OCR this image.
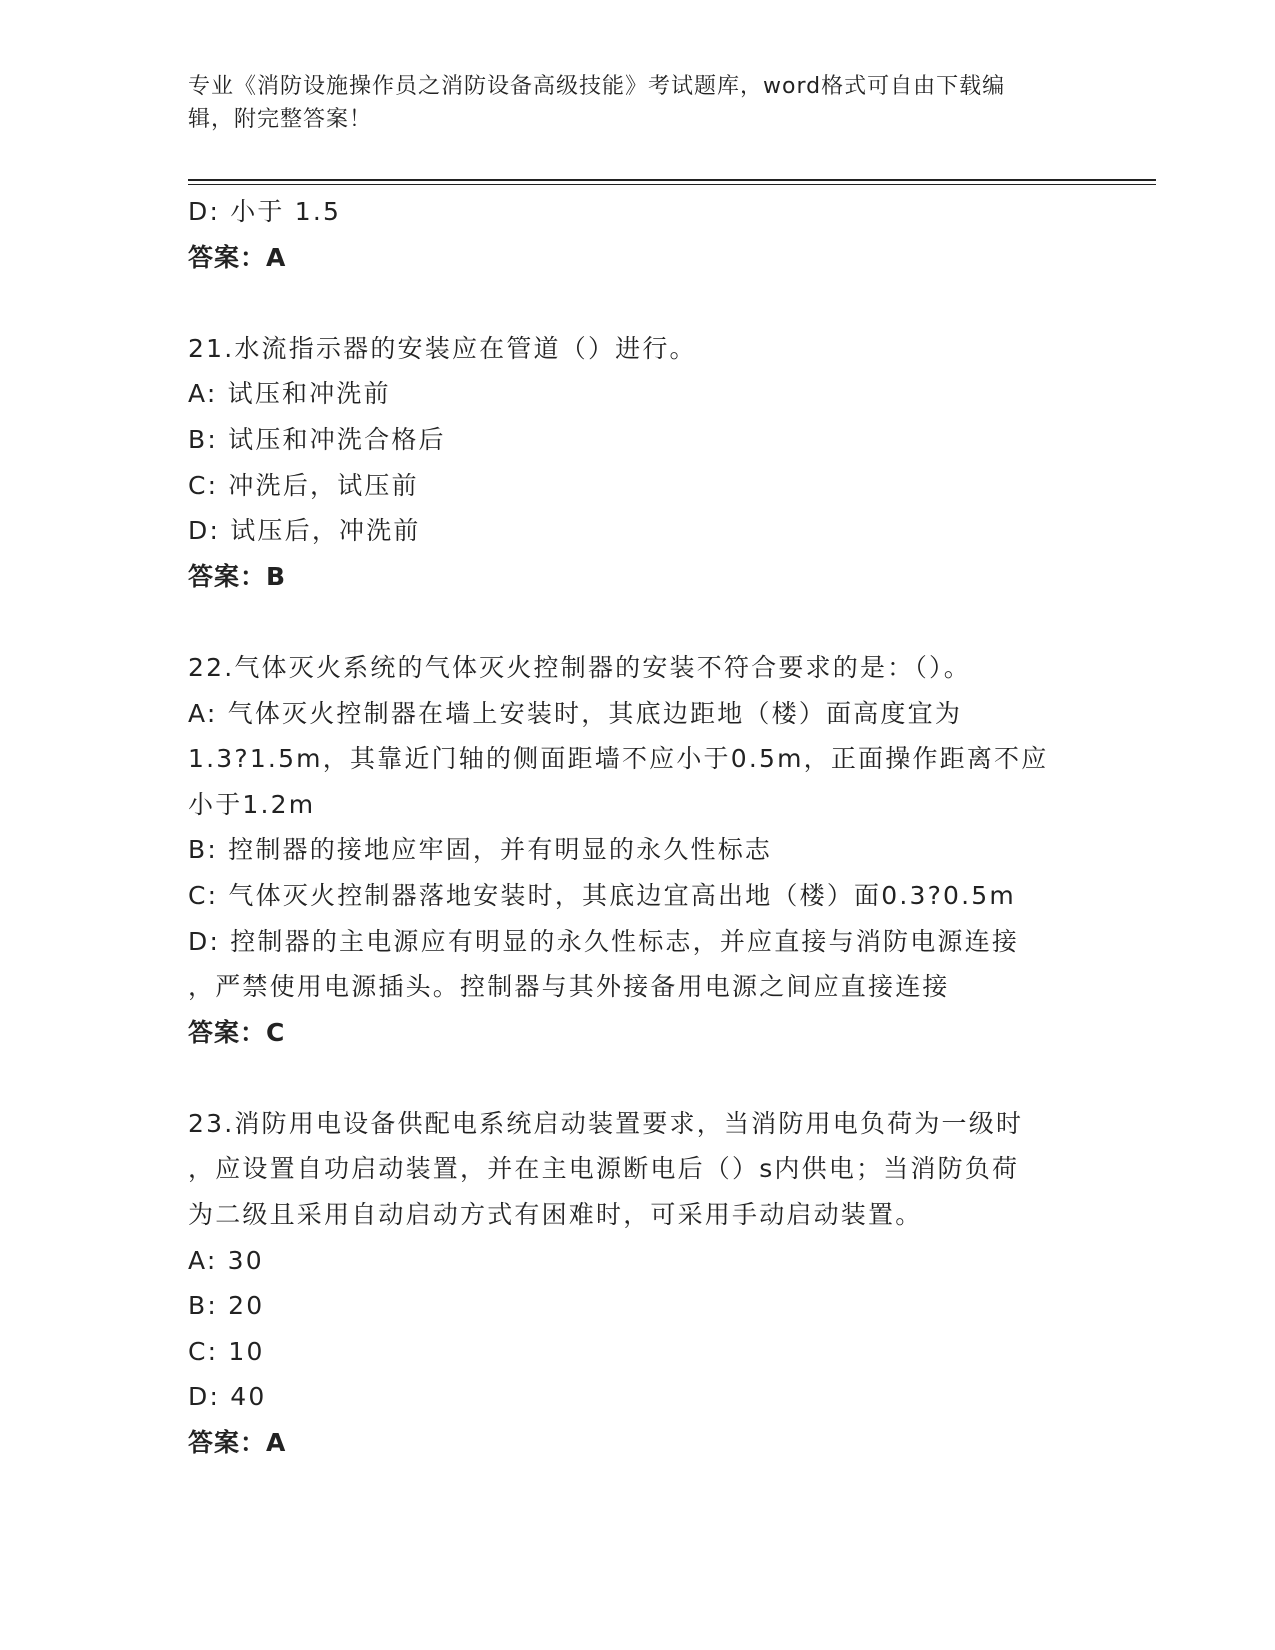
专业《消防设施操作员之消防设备高级技能》考试题库，word格式可自由下载编
辑，附完整答案！
D: 小于 1.5
答案：A
21.水流指示器的安装应在管道（）进行。
A: 试压和冲洗前
B: 试压和冲洗合格后
C: 冲洗后，试压前
D: 试压后，冲洗前
答案：B
22.气体灭火系统的气体灭火控制器的安装不符合要求的是：（）。
A: 气体灭火控制器在墙上安装时，其底边距地（楼）面高度宜为
1.3?1.5m，其靠近门轴的侧面距墙不应小于0.5m，正面操作距离不应
小于1.2m
B: 控制器的接地应牢固，并有明显的永久性标志
C: 气体灭火控制器落地安装时，其底边宜高出地（楼）面0.3?0.5m
D: 控制器的主电源应有明显的永久性标志，并应直接与消防电源连接
，严禁使用电源插头。控制器与其外接备用电源之间应直接连接
答案：C
23.消防用电设备供配电系统启动装置要求，当消防用电负荷为一级时
，应设置自功启动装置，并在主电源断电后（）s内供电；当消防负荷
为二级且采用自动启动方式有困难时，可采用手动启动装置。
A: 30
B: 20
C: 10
D: 40
答案：A
